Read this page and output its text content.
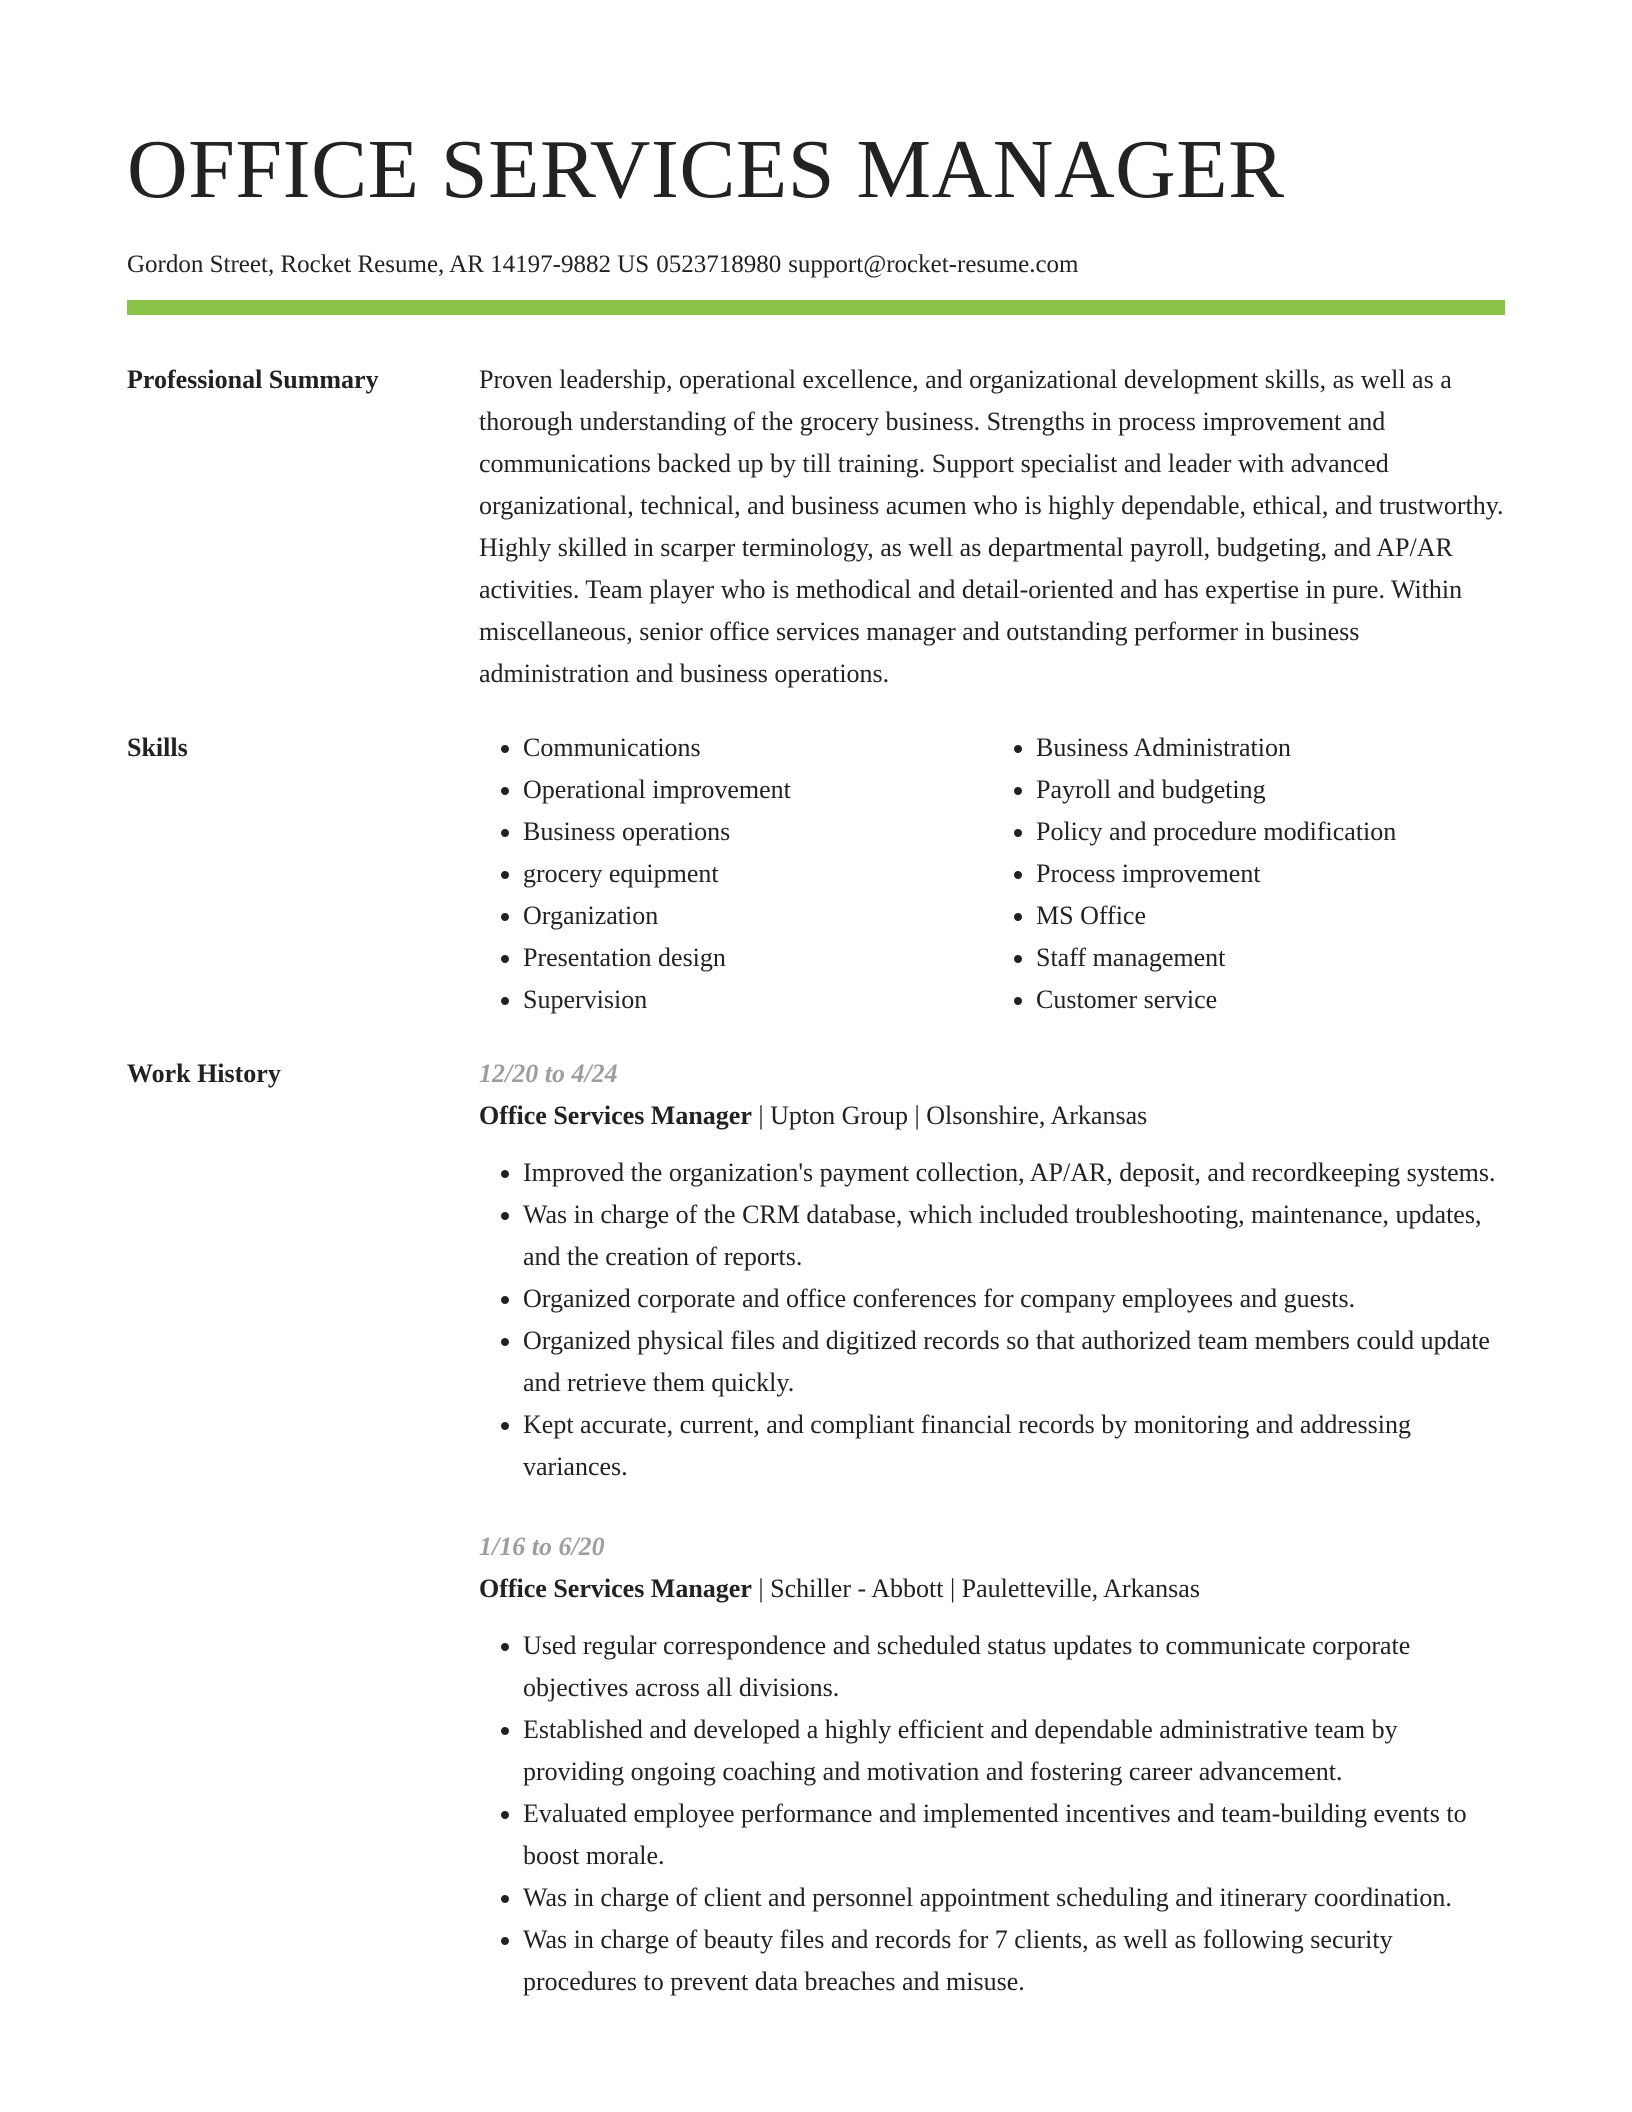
OFFICE SERVICES MANAGER
Gordon Street, Rocket Resume, AR 14197-9882 US 0523718980 support@rocket-resume.com
Professional Summary	Proven leadership, operational excellence, and organizational development skills, as well as a thorough understanding of the grocery business. Strengths in process improvement and communications backed up by till training. Support specialist and leader with advanced organizational, technical, and business acumen who is highly dependable, ethical, and trustworthy. Highly skilled in scarper terminology, as well as departmental payroll, budgeting, and AP/AR activities. Team player who is methodical and detail-oriented and has expertise in pure. Within miscellaneous, senior office services manager and outstanding performer in business administration and business operations.

Skills
•	Communications
• Operational improvement
• Business operations
• grocery equipment
• Organization
• Presentation design
• Supervision
• Business Administration
• Payroll and budgeting
• Policy and procedure modification
• Process improvement
• MS Office
• Staff management
• Customer service
Work History	12/20 to 4/24
Office Services Manager | Upton Group | Olsonshire, Arkansas
• Improved the organization's payment collection, AP/AR, deposit, and recordkeeping systems.
• Was in charge of the CRM database, which included troubleshooting, maintenance, updates, and the creation of reports.
• Organized corporate and office conferences for company employees and guests.
• Organized physical files and digitized records so that authorized team members could update and retrieve them quickly.
• Kept accurate, current, and compliant financial records by monitoring and addressing variances.
1/16 to 6/20
Office Services Manager | Schiller - Abbott | Pauletteville, Arkansas
• Used regular correspondence and scheduled status updates to communicate corporate objectives across all divisions.
• Established and developed a highly efficient and dependable administrative team by providing ongoing coaching and motivation and fostering career advancement.
• Evaluated employee performance and implemented incentives and team-building events to boost morale.
• Was in charge of client and personnel appointment scheduling and itinerary coordination.
• Was in charge of beauty files and records for 7 clients, as well as following security procedures to prevent data breaches and misuse.
